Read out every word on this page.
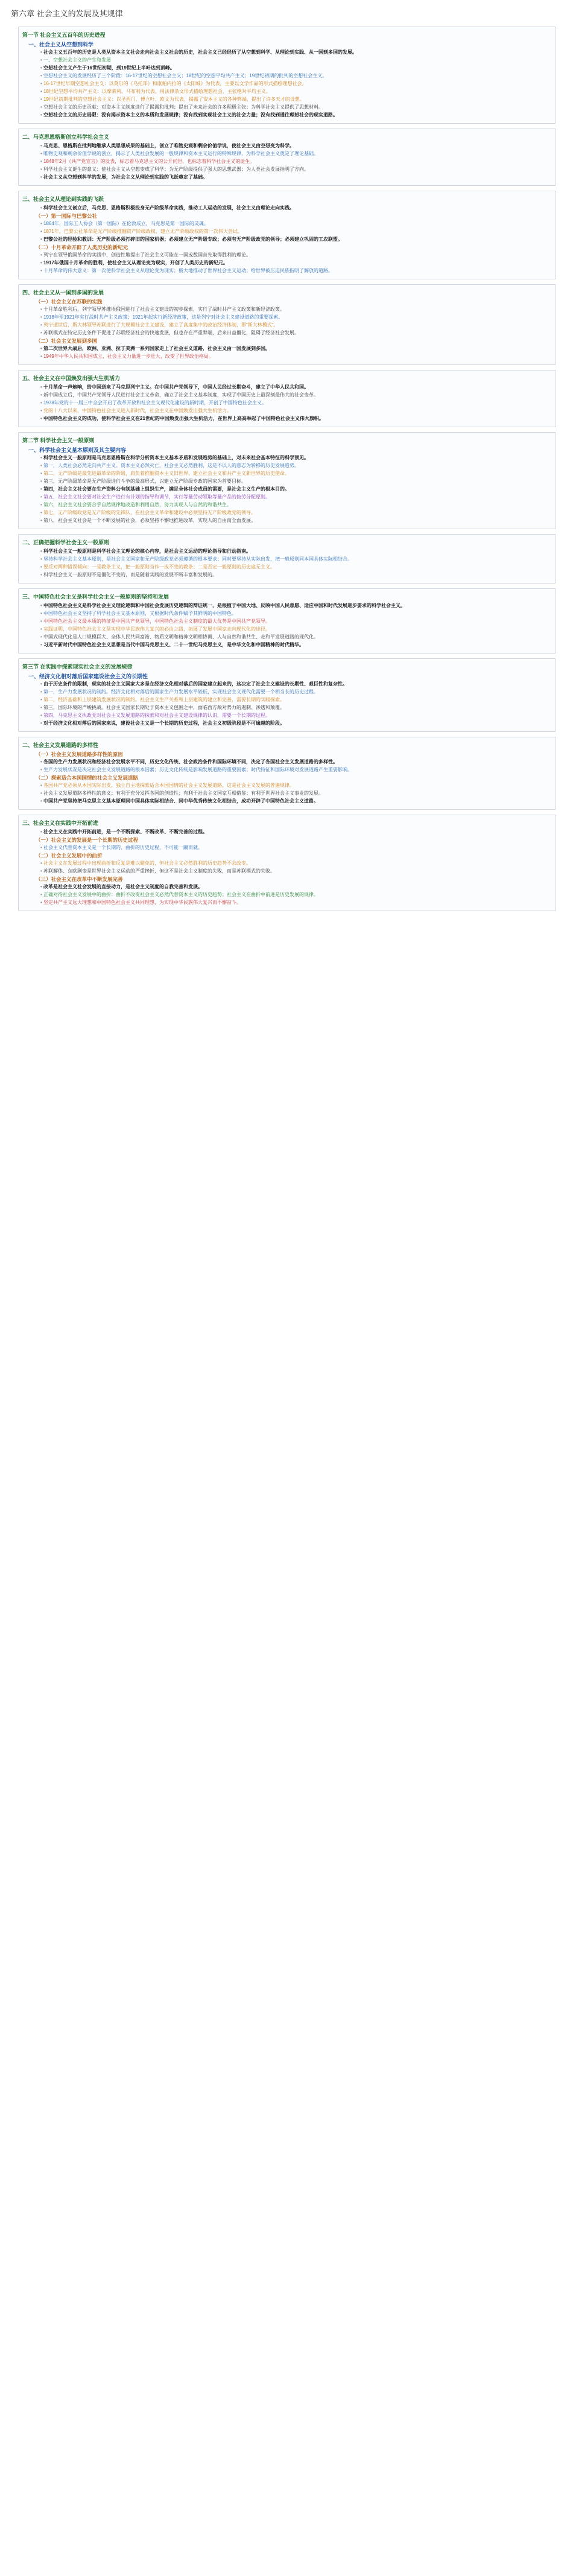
第六章 社会主义的发展及其规律
第一节 社会主义五百年的历史进程
一、社会主义从空想到科学
• 社会主义五百年的历史是人类从资本主义社会走向社会主义社会的历史，社会主义已经经历了从空想到科学、从理论到实践、从一国到多国的发展。
• 一、空想社会主义的产生和发展
• 空想社会主义产生于16世纪初期，到19世纪上半叶达到顶峰。
• 空想社会主义的发展经历了三个阶段：16-17世纪的空想社会主义；18世纪的空想平均共产主义；19世纪初期的批判的空想社会主义。
• 16-17世纪早期空想社会主义：以莫尔的《乌托邦》和康帕内拉的《太阳城》为代表，主要以文学作品的形式描绘理想社会。
• 18世纪空想平均共产主义：以摩莱利、马布利为代表，用法律条文形式描绘理想社会，主张绝对平均主义。
• 19世纪初期批判的空想社会主义：以圣西门、傅立叶、欧文为代表，揭露了资本主义的各种弊端，提出了许多天才的设想。
• 空想社会主义的历史贡献：对资本主义制度进行了揭露和批判；提出了未来社会的许多积极主张；为科学社会主义提供了思想材料。
• 空想社会主义的历史局限：没有揭示资本主义的本质和发展规律；没有找到实现社会主义的社会力量；没有找到通往理想社会的现实道路。
二、马克思恩格斯创立科学社会主义
• 马克思、恩格斯在批判地继承人类思想成果的基础上，创立了唯物史观和剩余价值学说，使社会主义由空想变为科学。
• 唯物史观和剩余价值学说的创立，揭示了人类社会发展的一般规律和资本主义运行的特殊规律，为科学社会主义奠定了理论基础。
• 1848年2月《共产党宣言》的发表，标志着马克思主义的公开问世，也标志着科学社会主义的诞生。
• 科学社会主义诞生的意义：使社会主义从空想变成了科学；为无产阶级提供了强大的思想武器；为人类社会发展指明了方向。
• 社会主义从空想到科学的发展，为社会主义从理论到实践的飞跃奠定了基础。
三、社会主义从理论到实践的飞跃
• 科学社会主义创立后，马克思、恩格斯积极投身无产阶级革命实践，推动工人运动的发展，社会主义由理论走向实践。
（一）第一国际与巴黎公社
• 1864年，国际工人协会（第一国际）在伦敦成立，马克思是第一国际的灵魂。
• 1871年，巴黎公社革命是无产阶级推翻资产阶级政权、建立无产阶级政权的第一次伟大尝试。
• 巴黎公社的经验和教训：无产阶级必须打碎旧的国家机器；必须建立无产阶级专政；必须有无产阶级政党的领导；必须建立巩固的工农联盟。
（二）十月革命开辟了人类历史的新纪元
• 列宁在领导俄国革命的实践中，创造性地提出了社会主义可能在一国或数国首先取得胜利的理论。
• 1917年俄国十月革命的胜利，使社会主义从理论变为现实，开创了人类历史的新纪元。
• 十月革命的伟大意义：第一次使科学社会主义从理论变为现实；极大地推动了世界社会主义运动；给世界被压迫民族指明了解放的道路。
四、社会主义从一国到多国的发展
（一）社会主义在苏联的实践
• 十月革命胜利后，列宁领导苏维埃俄国进行了社会主义建设的初步探索，实行了战时共产主义政策和新经济政策。
• 1918年至1921年实行战时共产主义政策；1921年起实行新经济政策，这是列宁对社会主义建设道路的重要探索。
• 列宁逝世后，斯大林领导苏联进行了大规模社会主义建设，建立了高度集中的政治经济体制，即“斯大林模式”。
• 苏联模式在特定历史条件下促进了苏联经济社会的快速发展，但也存在严重弊端，后来日益僵化，阻碍了经济社会发展。
（二）社会主义发展到多国
• 第二次世界大战后，欧洲、亚洲、拉丁美洲一系列国家走上了社会主义道路，社会主义由一国发展到多国。
• 1949年中华人民共和国成立，社会主义力量进一步壮大，改变了世界政治格局。
五、社会主义在中国焕发出强大生机活力
• 十月革命一声炮响，给中国送来了马克思列宁主义。在中国共产党领导下，中国人民经过长期奋斗，建立了中华人民共和国。
• 新中国成立后，中国共产党领导人民进行社会主义革命，确立了社会主义基本制度，实现了中国历史上最深刻最伟大的社会变革。
• 1978年党的十一届三中全会开启了改革开放和社会主义现代化建设的新时期，开创了中国特色社会主义。
• 党的十八大以来，中国特色社会主义进入新时代，社会主义在中国焕发出强大生机活力。
• 中国特色社会主义的成功，使科学社会主义在21世纪的中国焕发出强大生机活力，在世界上高高举起了中国特色社会主义伟大旗帜。
第二节 科学社会主义一般原则
一、科学社会主义基本原则及其主要内容
• 科学社会主义一般原则是马克思恩格斯在科学分析资本主义基本矛盾和发展趋势的基础上，对未来社会基本特征的科学预见。
• 第一，人类社会必然走向共产主义。资本主义必然灭亡，社会主义必然胜利，这是不以人的意志为转移的历史发展趋势。
• 第二，无产阶级是最先进最革命的阶级，肩负着推翻资本主义旧世界、建立社会主义和共产主义新世界的历史使命。
• 第三，无产阶级革命是无产阶级进行斗争的最高形式，以建立无产阶级专政的国家为首要目标。
• 第四，社会主义社会要在生产资料公有制基础上组织生产，满足全体社会成员的需要，是社会主义生产的根本目的。
• 第五，社会主义社会要对社会生产进行有计划的指导和调节，实行等量劳动领取等量产品的按劳分配原则。
• 第六，社会主义社会要合乎自然规律地改造和利用自然，努力实现人与自然的和谐共生。
• 第七，无产阶级政党是无产阶级的先锋队，在社会主义革命和建设中必须坚持无产阶级政党的领导。
• 第八，社会主义社会是一个不断发展的社会，必须坚持不懈地推进改革，实现人的自由而全面发展。
二、正确把握科学社会主义一般原则
• 科学社会主义一般原则是科学社会主义理论的核心内容，是社会主义运动的理论指导和行动指南。
• 坚持科学社会主义基本原则，是社会主义国家和无产阶级政党必须遵循的根本要求；同时要坚持从实际出发，把一般原则同本国具体实际相结合。
• 要反对两种错误倾向：一是教条主义，把一般原则当作一成不变的教条；二是否定一般原则的历史虚无主义。
• 科学社会主义一般原则不是僵化不变的，而是随着实践的发展不断丰富和发展的。
三、中国特色社会主义是科学社会主义一般原则的坚持和发展
• 中国特色社会主义是科学社会主义理论逻辑和中国社会发展历史逻辑的辩证统一，是根植于中国大地、反映中国人民意愿、适应中国和时代发展进步要求的科学社会主义。
• 中国特色社会主义坚持了科学社会主义基本原则，又根据时代条件赋予其鲜明的中国特色。
• 中国特色社会主义最本质的特征是中国共产党领导，中国特色社会主义制度的最大优势是中国共产党领导。
• 实践证明，中国特色社会主义是实现中华民族伟大复兴的必由之路，拓展了发展中国家走向现代化的途径。
• 中国式现代化是人口规模巨大、全体人民共同富裕、物质文明和精神文明相协调、人与自然和谐共生、走和平发展道路的现代化。
• 习近平新时代中国特色社会主义思想是当代中国马克思主义、二十一世纪马克思主义，是中华文化和中国精神的时代精华。
第三节 在实践中探索现实社会主义的发展规律
一、经济文化相对落后国家建设社会主义的长期性
• 由于历史条件的限制，现实的社会主义国家大多是在经济文化相对落后的国家建立起来的，这决定了社会主义建设的长期性、艰巨性和复杂性。
• 第一，生产力发展状况的制约。经济文化相对落后的国家生产力发展水平较低，实现社会主义现代化需要一个相当长的历史过程。
• 第二，经济基础和上层建筑发展状况的制约。社会主义生产关系和上层建筑的建立和完善，需要长期的实践探索。
• 第三，国际环境的严峻挑战。社会主义国家长期处于资本主义包围之中，面临西方敌对势力的遏制、渗透和颠覆。
• 第四，马克思主义执政党对社会主义发展道路的探索和对社会主义建设规律的认识，需要一个长期的过程。
• 对于经济文化相对落后的国家来说，建设社会主义是一个长期的历史过程，社会主义初级阶段是不可逾越的阶段。
二、社会主义发展道路的多样性
（一）社会主义发展道路多样性的原因
• 各国的生产力发展状况和经济社会发展水平不同，历史文化传统、社会政治条件和国际环境不同，决定了各国社会主义发展道路的多样性。
• 生产力发展状况是决定社会主义发展道路的根本因素；历史文化传统是影响发展道路的重要因素；时代特征和国际环境对发展道路产生重要影响。
（二）探索适合本国国情的社会主义发展道路
• 各国共产党必须从本国实际出发，独立自主地探索适合本国国情的社会主义发展道路，这是社会主义发展的普遍规律。
• 社会主义发展道路多样性的意义：有利于充分发挥各国的创造性；有利于社会主义国家互相借鉴；有利于世界社会主义事业的发展。
• 中国共产党坚持把马克思主义基本原理同中国具体实际相结合、同中华优秀传统文化相结合，成功开辟了中国特色社会主义道路。
三、社会主义在实践中开拓前进
• 社会主义在实践中开拓前进，是一个不断探索、不断改革、不断完善的过程。
（一）社会主义的发展是一个长期的历史过程
• 社会主义代替资本主义是一个长期的、曲折的历史过程，不可能一蹴而就。
（二）社会主义发展中的曲折
• 社会主义在发展过程中出现曲折和反复是难以避免的，但社会主义必然胜利的历史趋势不会改变。
• 苏联解体、东欧剧变是世界社会主义运动的严重挫折，但这不是社会主义制度的失败，而是苏联模式的失败。
（三）社会主义在改革中不断发展完善
• 改革是社会主义社会发展的直接动力，是社会主义制度的自我完善和发展。
• 正确对待社会主义发展中的曲折：曲折不改变社会主义必然代替资本主义的历史趋势；社会主义在曲折中前进是历史发展的规律。
• 坚定共产主义远大理想和中国特色社会主义共同理想，为实现中华民族伟大复兴而不懈奋斗。
